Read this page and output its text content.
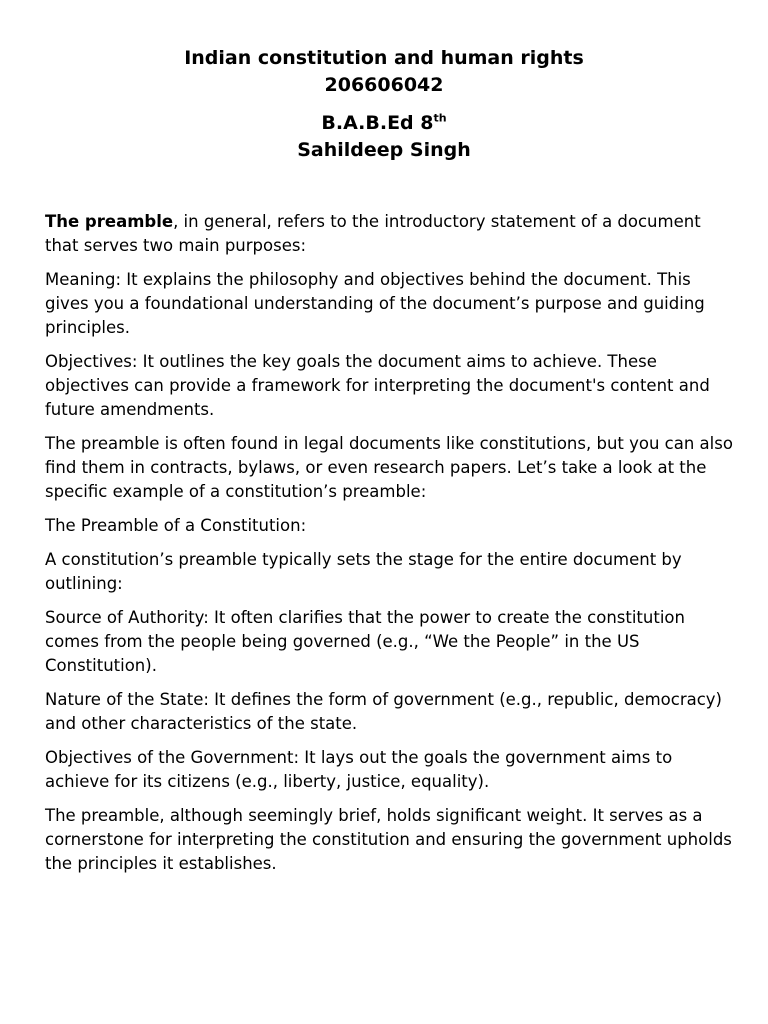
Indian constitution and human rights
206606042
B.A.B.Ed 8th
Sahildeep Singh

The preamble, in general, refers to the introductory statement of a document that serves two main purposes:

Meaning: It explains the philosophy and objectives behind the document. This gives you a foundational understanding of the document’s purpose and guiding principles.

Objectives: It outlines the key goals the document aims to achieve. These objectives can provide a framework for interpreting the document's content and future amendments.

The preamble is often found in legal documents like constitutions, but you can also find them in contracts, bylaws, or even research papers. Let’s take a look at the specific example of a constitution’s preamble:

The Preamble of a Constitution:

A constitution’s preamble typically sets the stage for the entire document by outlining:

Source of Authority: It often clarifies that the power to create the constitution comes from the people being governed (e.g., “We the People” in the US Constitution).

Nature of the State: It defines the form of government (e.g., republic, democracy) and other characteristics of the state.

Objectives of the Government: It lays out the goals the government aims to achieve for its citizens (e.g., liberty, justice, equality).

The preamble, although seemingly brief, holds significant weight. It serves as a cornerstone for interpreting the constitution and ensuring the government upholds the principles it establishes.
